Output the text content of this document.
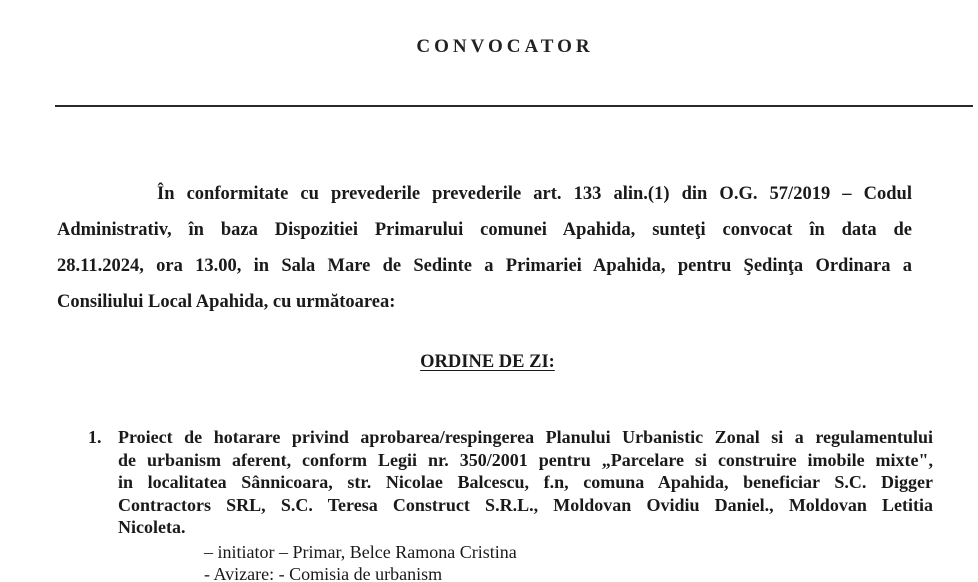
CONVOCATOR

În conformitate cu prevederile prevederile art. 133 alin.(1) din O.G. 57/2019 – Codul
Administrativ, în baza Dispozitiei Primarului comunei Apahida, sunteţi convocat în data de
28.11.2024, ora 13.00, in Sala Mare de Sedinte a Primariei Apahida, pentru Şedinţa Ordinara a
Consiliului Local Apahida, cu următoarea:

ORDINE DE ZI:
1. Proiect de hotarare privind aprobarea/respingerea Planului Urbanistic Zonal si a regulamentului
de urbanism aferent, conform Legii nr. 350/2001 pentru „Parcelare si construire imobile mixte",
in localitatea Sânnicoara, str. Nicolae Balcescu, f.n, comuna Apahida, beneficiar S.C. Digger
Contractors SRL, S.C. Teresa Construct S.R.L., Moldovan Ovidiu Daniel., Moldovan Letitia
Nicoleta.

– initiator – Primar, Belce Ramona Cristina
- Avizare: - Comisia de urbanism
